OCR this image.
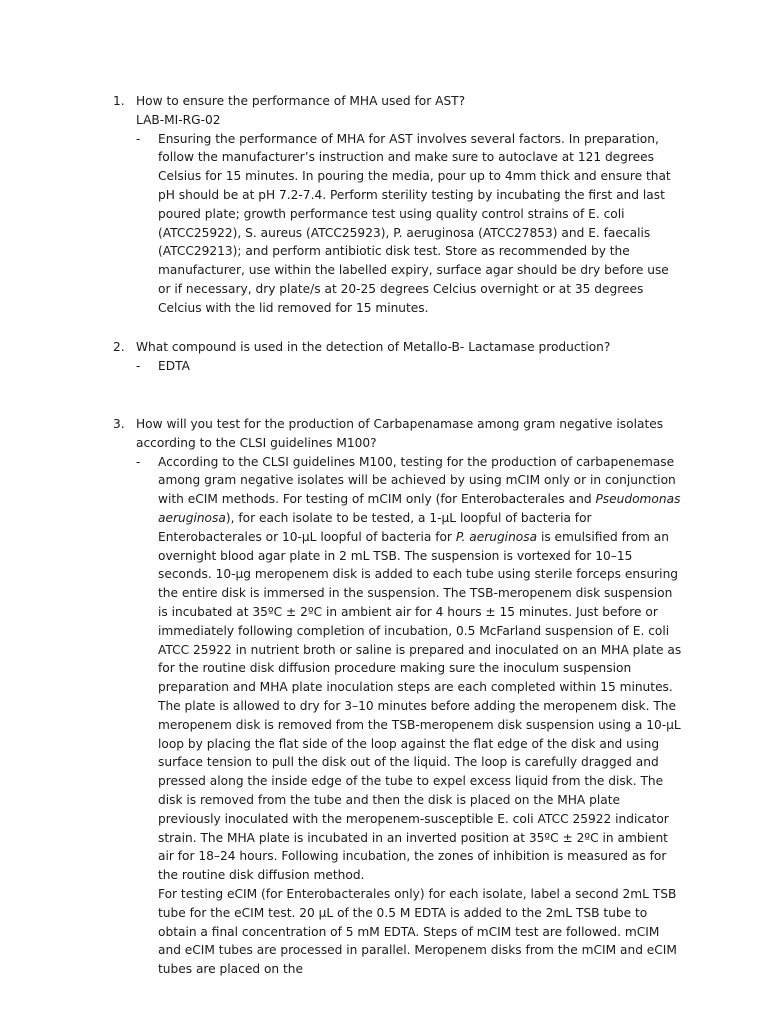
1. How to ensure the performance of MHA used for AST?
LAB-MI-RG-02
- Ensuring the performance of MHA for AST involves several factors. In preparation, follow the manufacturer’s instruction and make sure to autoclave at 121 degrees Celsius for 15 minutes. In pouring the media, pour up to 4mm thick and ensure that pH should be at pH 7.2-7.4. Perform sterility testing by incubating the first and last poured plate; growth performance test using quality control strains of E. coli (ATCC25922), S. aureus (ATCC25923), P. aeruginosa (ATCC27853) and E. faecalis (ATCC29213); and perform antibiotic disk test. Store as recommended by the manufacturer, use within the labelled expiry, surface agar should be dry before use or if necessary, dry plate/s at 20-25 degrees Celcius overnight or at 35 degrees Celcius with the lid removed for 15 minutes.

2. What compound is used in the detection of Metallo-B- Lactamase production?
- EDTA

3. How will you test for the production of Carbapenamase among gram negative isolates according to the CLSI guidelines M100?
- According to the CLSI guidelines M100, testing for the production of carbapenemase among gram negative isolates will be achieved by using mCIM only or in conjunction with eCIM methods. For testing of mCIM only (for Enterobacterales and Pseudomonas aeruginosa), for each isolate to be tested, a 1-µL loopful of bacteria for Enterobacterales or 10-µL loopful of bacteria for P. aeruginosa is emulsified from an overnight blood agar plate in 2 mL TSB. The suspension is vortexed for 10–15 seconds. 10-µg meropenem disk is added to each tube using sterile forceps ensuring the entire disk is immersed in the suspension. The TSB-meropenem disk suspension is incubated at 35ºC ± 2ºC in ambient air for 4 hours ± 15 minutes. Just before or immediately following completion of incubation, 0.5 McFarland suspension of E. coli ATCC 25922 in nutrient broth or saline is prepared and inoculated on an MHA plate as for the routine disk diffusion procedure making sure the inoculum suspension preparation and MHA plate inoculation steps are each completed within 15 minutes. The plate is allowed to dry for 3–10 minutes before adding the meropenem disk. The meropenem disk is removed from the TSB-meropenem disk suspension using a 10-µL loop by placing the flat side of the loop against the flat edge of the disk and using surface tension to pull the disk out of the liquid. The loop is carefully dragged and pressed along the inside edge of the tube to expel excess liquid from the disk. The disk is removed from the tube and then the disk is placed on the MHA plate previously inoculated with the meropenem-susceptible E. coli ATCC 25922 indicator strain. The MHA plate is incubated in an inverted position at 35ºC ± 2ºC in ambient air for 18–24 hours. Following incubation, the zones of inhibition is measured as for the routine disk diffusion method.

For testing eCIM (for Enterobacterales only) for each isolate, label a second 2mL TSB tube for the eCIM test. 20 µL of the 0.5 M EDTA is added to the 2mL TSB tube to obtain a final concentration of 5 mM EDTA. Steps of mCIM test are followed. mCIM and eCIM tubes are processed in parallel. Meropenem disks from the mCIM and eCIM tubes are placed on the
